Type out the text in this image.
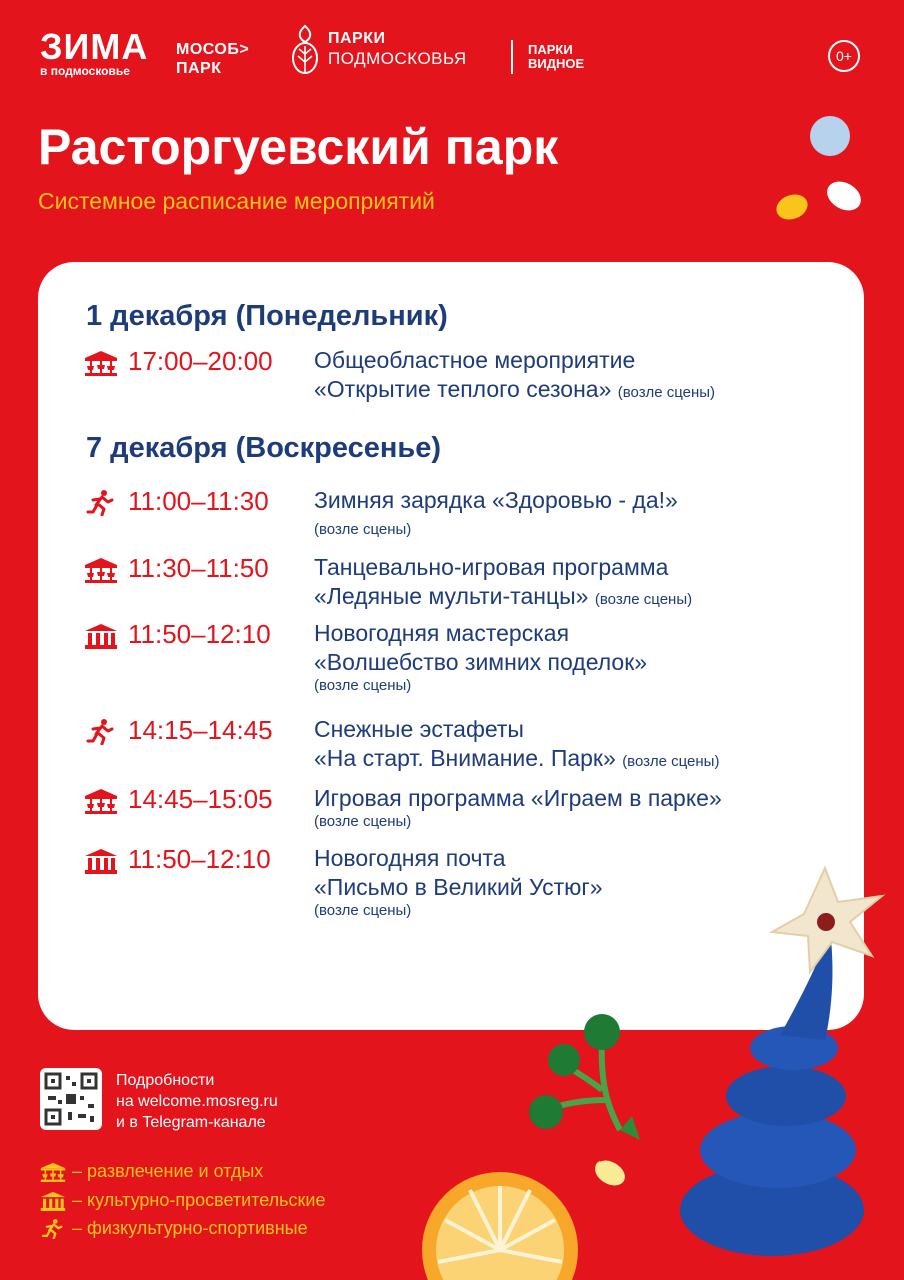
ЗИМА
в подмосковье
МОСОБ>
ПАРК
ПАРКИ
ПОДМОСКОВЬЯ	ПАРКИ
ВИДНОЕ	0+
Расторгуевский парк
Системное расписание мероприятий
1 декабря (Понедельник)
17:00–20:00 Общеобластное мероприятие
«Открытие теплого сезона» (возле сцены)
7 декабря (Воскресенье)
11:00–11:30 Зимняя зарядка «Здоровью - да!»
(возле сцены)
11:30–11:50 Танцевально-игровая программа
«Ледяные мульти-танцы» (возле сцены)
11:50–12:10 Новогодняя мастерская
«Волшебство зимних поделок»
(возле сцены)
14:15–14:45 Снежные эстафеты
«На старт. Внимание. Парк» (возле сцены)
14:45–15:05 Игровая программа «Играем в парке»
(возле сцены)
11:50–12:10 Новогодняя почта
«Письмо в Великий Устюг»
(возле сцены)
Подробности
на welcome.mosreg.ru
и в Telegram-канале
– развлечение и отдых
– культурно-просветительские
– физкультурно-спортивные
